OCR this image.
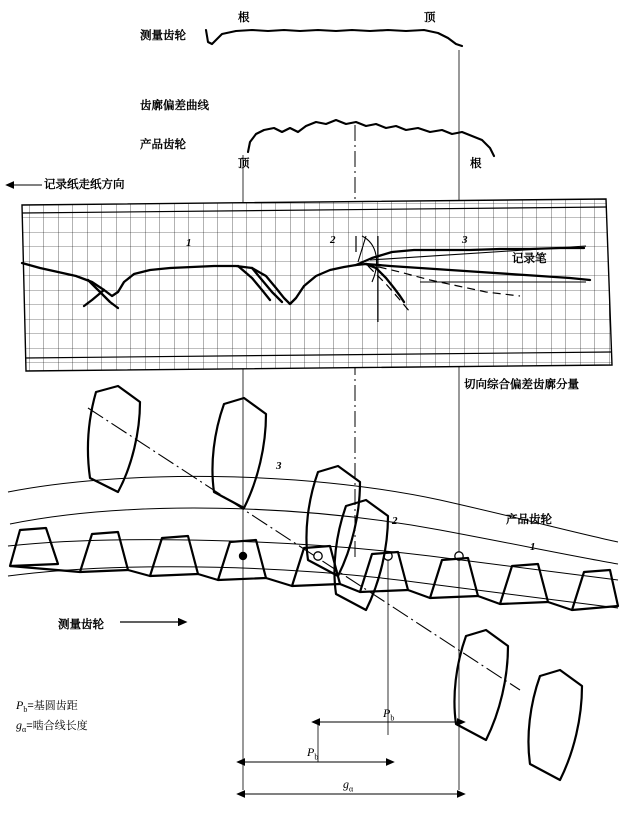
测量齿轮
根	顶
齿廓偏差曲线
产品齿轮
顶	根
记录纸走纸方向
1	2	3
记录笔
切向综合偏差齿廓分量
3
2
1
产品齿轮
测量齿轮
$P_b$
$P_b$
$g_\alpha$
$P_b=$基圆齿距
$g_\alpha=$啮合线长度
